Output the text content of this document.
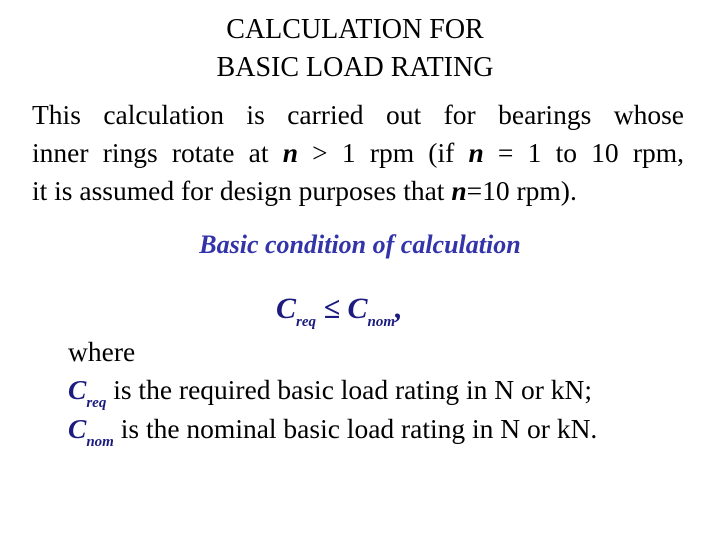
CALCULATION FOR
BASIC LOAD RATING
This calculation is carried out for bearings whose
inner rings rotate at n > 1 rpm (if n = 1 to 10 rpm,
it is assumed for design purposes that n=10 rpm).
Basic condition of calculation
$C_{req} \le C_{nom}$,
where
$C_{req}$ is the required basic load rating in N or kN;
$C_{nom}$ is the nominal basic load rating in N or kN.
